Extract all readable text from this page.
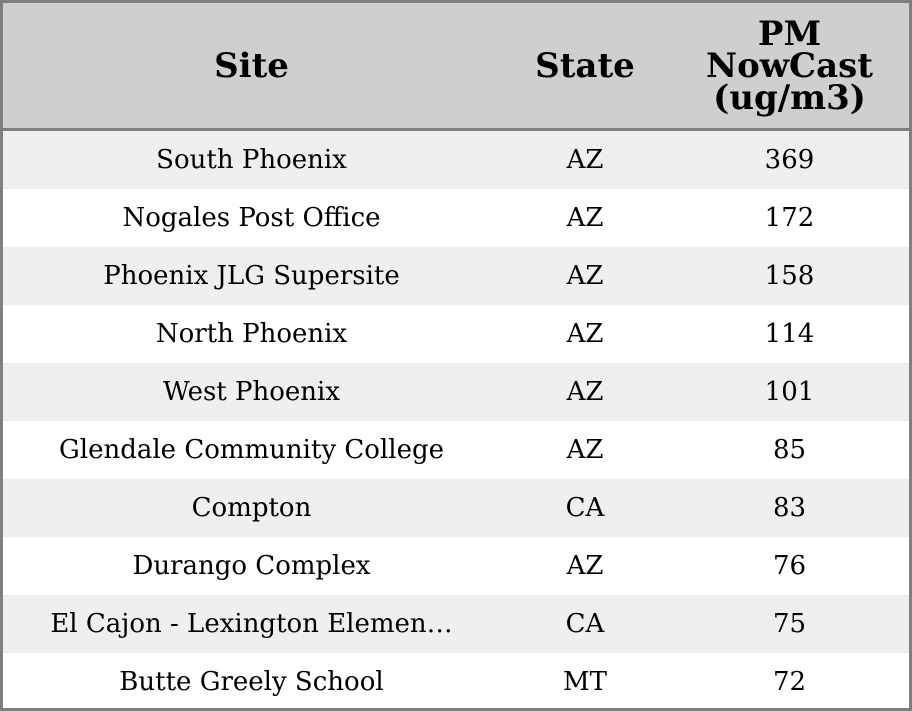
Site	State	PM
NowCast
(ug/m3)

South Phoenix	AZ	369
Nogales Post Office	AZ	172
Phoenix JLG Supersite	AZ	158
North Phoenix	AZ	114
West Phoenix	AZ	101
Glendale Community College	AZ	85
Compton	CA	83
Durango Complex	AZ	76
El Cajon - Lexington Elemen…	CA	75
Butte Greely School	MT	72
